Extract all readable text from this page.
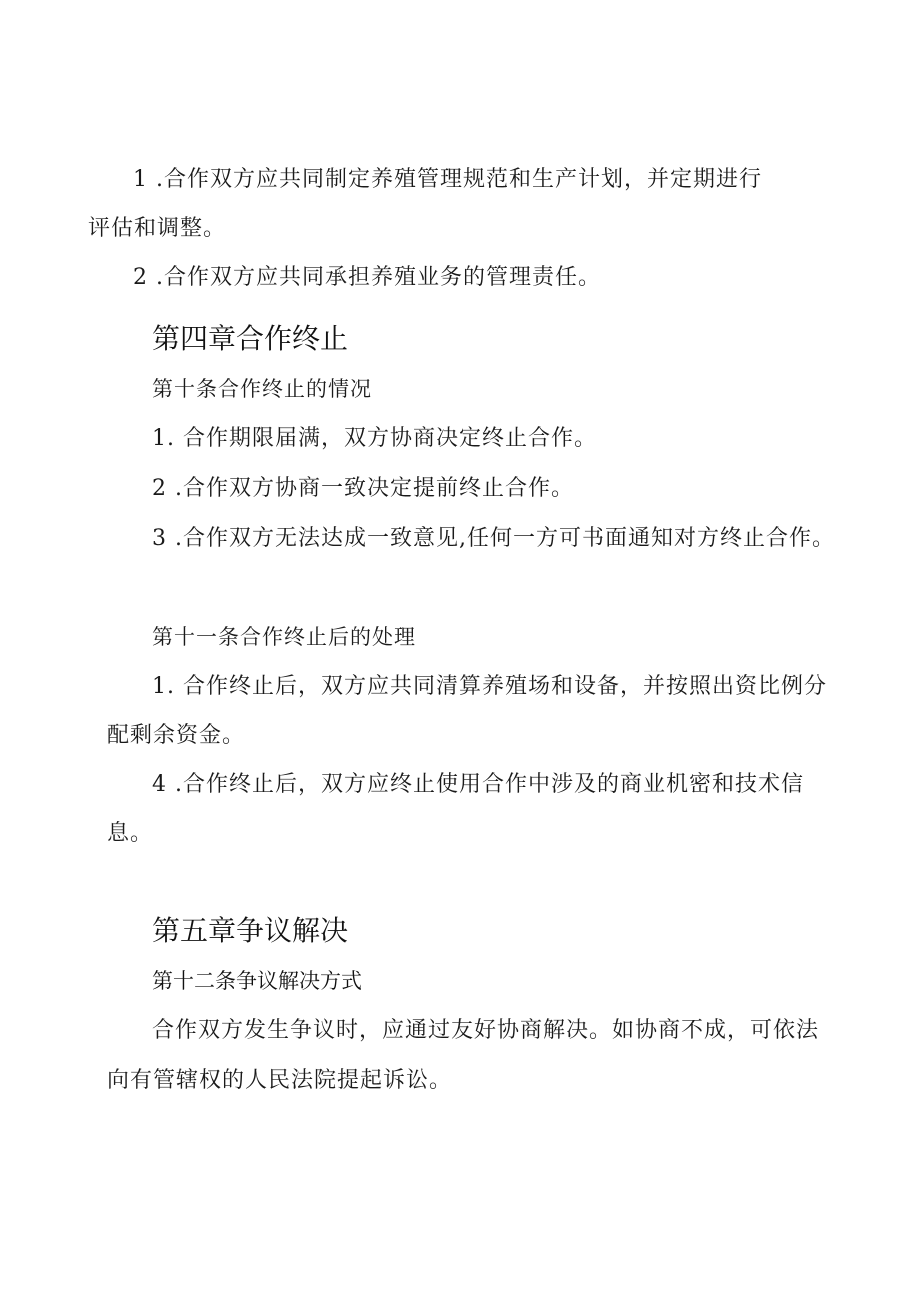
1 .合作双方应共同制定养殖管理规范和生产计划，并定期进行
评估和调整。
2 .合作双方应共同承担养殖业务的管理责任。
第四章合作终止
第十条合作终止的情况
1. 合作期限届满，双方协商决定终止合作。
2 .合作双方协商一致决定提前终止合作。
3 .合作双方无法达成一致意见,任何一方可书面通知对方终止合作。
第十一条合作终止后的处理
1. 合作终止后，双方应共同清算养殖场和设备，并按照出资比例分
配剩余资金。
4 .合作终止后，双方应终止使用合作中涉及的商业机密和技术信
息。
第五章争议解决
第十二条争议解决方式
合作双方发生争议时，应通过友好协商解决。如协商不成，可依法
向有管辖权的人民法院提起诉讼。
